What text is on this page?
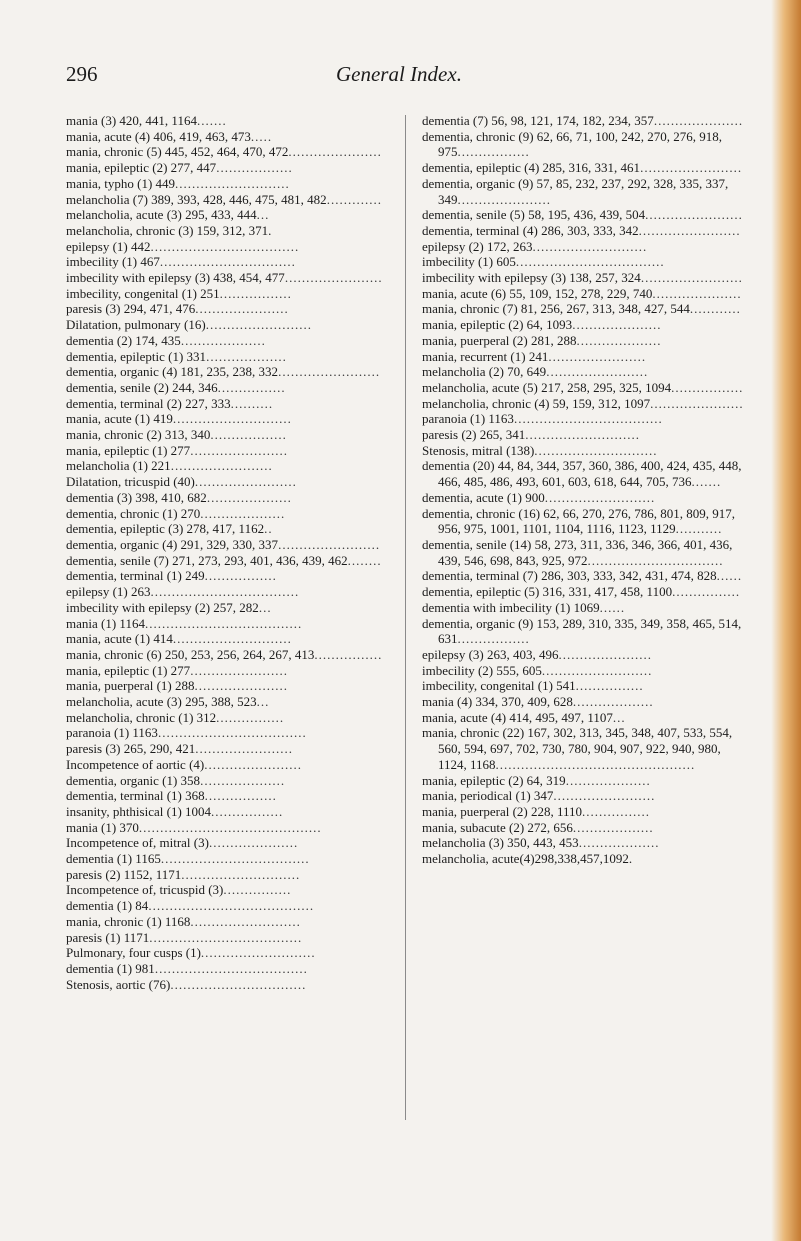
296	General Index.

mania (3) 420, 441, 1164.......

mania, acute (4) 406, 419, 463, 473.....

mania, chronic (5) 445, 452, 464, 470, 472......................

mania, epileptic (2) 277, 447..................

mania, typho (1) 449...........................

melancholia (7) 389, 393, 428, 446, 475, 481, 482.............

melancholia, acute (3) 295, 433, 444...

melancholia, chronic (3) 159, 312, 371.

epilepsy (1) 442...................................

imbecility (1) 467................................

imbecility with epilepsy (3) 438, 454, 477.......................

imbecility, congenital (1) 251.................

paresis (3) 294, 471, 476......................

Dilatation, pulmonary (16).........................

dementia (2) 174, 435....................

dementia, epileptic (1) 331...................

dementia, organic (4) 181, 235, 238, 332........................

dementia, senile (2) 244, 346................

dementia, terminal (2) 227, 333..........

mania, acute (1) 419............................

mania, chronic (2) 313, 340..................

mania, epileptic (1) 277.......................

melancholia (1) 221........................

Dilatation, tricuspid (40)........................

dementia (3) 398, 410, 682....................

dementia, chronic (1) 270....................

dementia, epileptic (3) 278, 417, 1162..

dementia, organic (4) 291, 329, 330, 337........................

dementia, senile (7) 271, 273, 293, 401, 436, 439, 462........

dementia, terminal (1) 249.................

epilepsy (1) 263...................................

imbecility with epilepsy (2) 257, 282...

mania (1) 1164.....................................

mania, acute (1) 414............................

mania, chronic (6) 250, 253, 256, 264, 267, 413................

mania, epileptic (1) 277.......................

mania, puerperal (1) 288......................

melancholia, acute (3) 295, 388, 523...

melancholia, chronic (1) 312................

paranoia (1) 1163...................................

paresis (3) 265, 290, 421.......................

Incompetence of aortic (4).......................

dementia, organic (1) 358....................

dementia, terminal (1) 368.................

insanity, phthisical (1) 1004.................

mania (1) 370...........................................

Incompetence of, mitral (3).....................

dementia (1) 1165...................................

paresis (2) 1152, 1171............................

Incompetence of, tricuspid (3)................

dementia (1) 84.......................................

mania, chronic (1) 1168..........................

paresis (1) 1171....................................

Pulmonary, four cusps (1)...........................

dementia (1) 981....................................

Stenosis, aortic (76)................................

dementia (7) 56, 98, 121, 174, 182, 234, 357.....................

dementia, chronic (9) 62, 66, 71, 100, 242, 270, 276, 918, 975.................

dementia, epileptic (4) 285, 316, 331, 461........................

dementia, organic (9) 57, 85, 232, 237, 292, 328, 335, 337, 349......................

dementia, senile (5) 58, 195, 436, 439, 504.......................

dementia, terminal (4) 286, 303, 333, 342........................

epilepsy (2) 172, 263...........................

imbecility (1) 605...................................

imbecility with epilepsy (3) 138, 257, 324........................

mania, acute (6) 55, 109, 152, 278, 229, 740.....................

mania, chronic (7) 81, 256, 267, 313, 348, 427, 544............

mania, epileptic (2) 64, 1093.....................

mania, puerperal (2) 281, 288....................

mania, recurrent (1) 241.......................

melancholia (2) 70, 649........................

melancholia, acute (5) 217, 258, 295, 325, 1094.................

melancholia, chronic (4) 59, 159, 312, 1097......................

paranoia (1) 1163...................................

paresis (2) 265, 341...........................

Stenosis, mitral (138).............................

dementia (20) 44, 84, 344, 357, 360, 386, 400, 424, 435, 448, 466, 485, 486, 493, 601, 603, 618, 644, 705, 736.......

dementia, acute (1) 900..........................

dementia, chronic (16) 62, 66, 270, 276, 786, 801, 809, 917, 956, 975, 1001, 1101, 1104, 1116, 1123, 1129...........

dementia, senile (14) 58, 273, 311, 336, 346, 366, 401, 436, 439, 546, 698, 843, 925, 972................................

dementia, terminal (7) 286, 303, 333, 342, 431, 474, 828......

dementia, epileptic (5) 316, 331, 417, 458, 1100................

dementia with imbecility (1) 1069......

dementia, organic (9) 153, 289, 310, 335, 349, 358, 465, 514, 631.................

epilepsy (3) 263, 403, 496......................

imbecility (2) 555, 605..........................

imbecility, congenital (1) 541................

mania (4) 334, 370, 409, 628...................

mania, acute (4) 414, 495, 497, 1107...

mania, chronic (22) 167, 302, 313, 345, 348, 407, 533, 554, 560, 594, 697, 702, 730, 780, 904, 907, 922, 940, 980, 1124, 1168...............................................

mania, epileptic (2) 64, 319....................

mania, periodical (1) 347........................

mania, puerperal (2) 228, 1110................

mania, subacute (2) 272, 656...................

melancholia (3) 350, 443, 453...................

melancholia, acute(4)298,338,457,1092.
